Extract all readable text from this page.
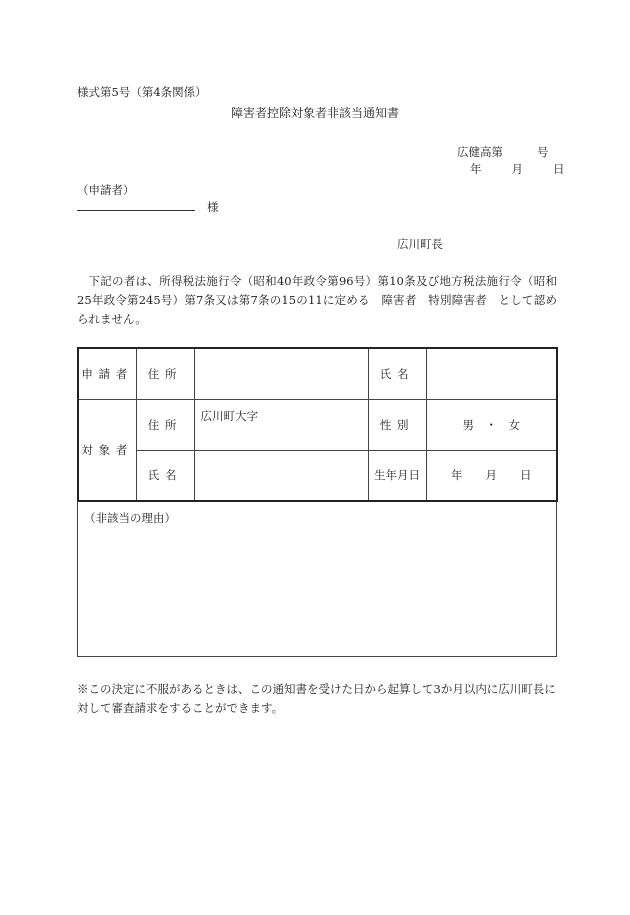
様式第5号（第4条関係）
障害者控除対象者非該当通知書
広健高第	号
年	月	日
（申請者）
様
広川町長
下記の者は、所得税法施行令（昭和40年政令第96号）第10条及び地方税法施行令（昭和25年政令第245号）第7条又は第7条の15の11に定める　障害者　特別障害者　として認められません。
申請者	住所		氏名	
対象者	住所	広川町大字	性別	男　・　女
	氏名		生年月日	年　　月　　日
（非該当の理由）
※この決定に不服があるときは、この通知書を受けた日から起算して3か月以内に広川町長に対して審査請求をすることができます。
